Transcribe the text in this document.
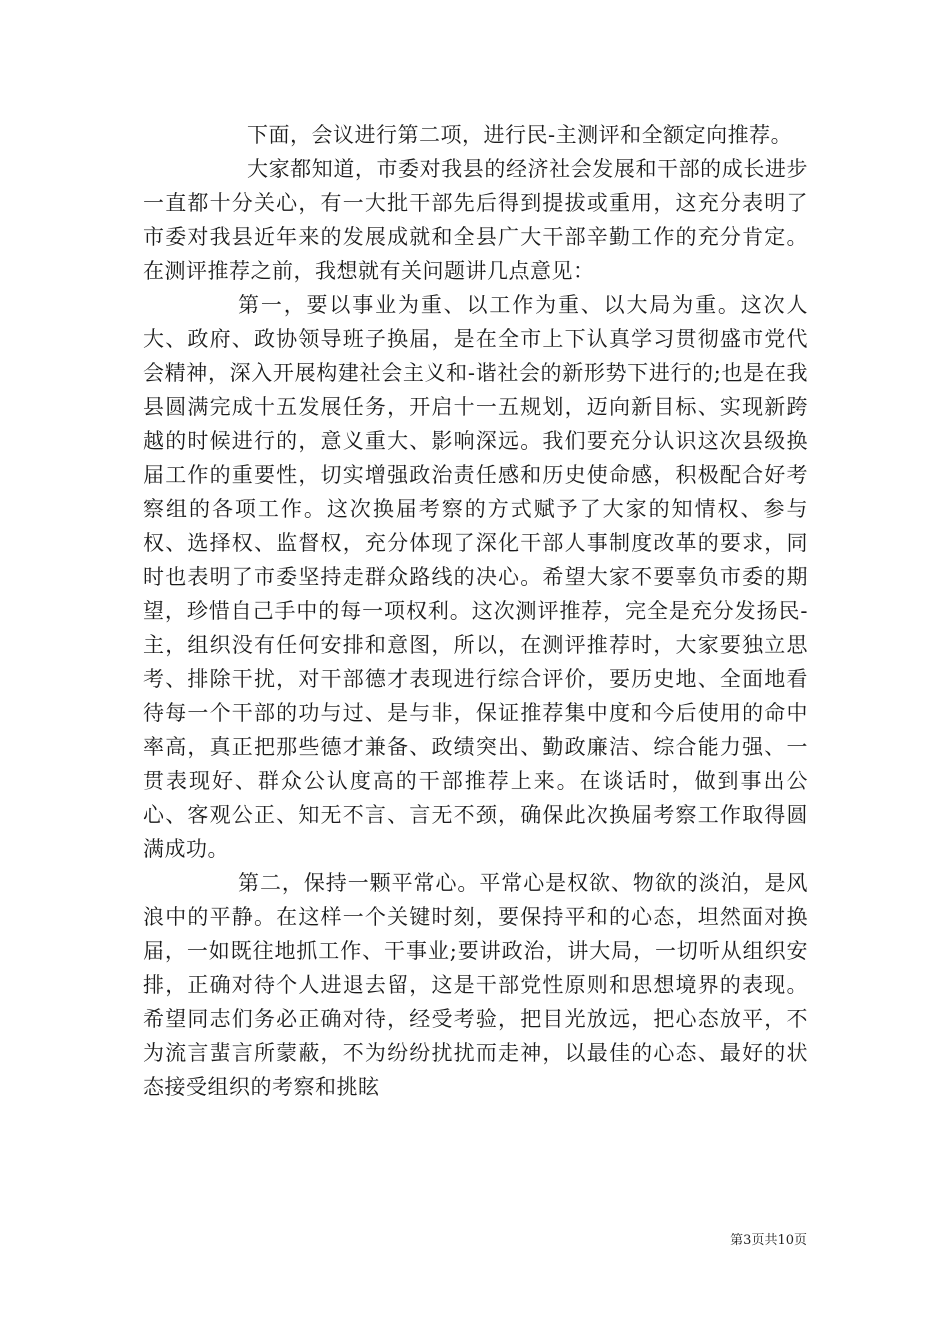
下面，会议进行第二项，进行民-主测评和全额定向推荐。

大家都知道，市委对我县的经济社会发展和干部的成长进步一直都十分关心，有一大批干部先后得到提拔或重用，这充分表明了市委对我县近年来的发展成就和全县广大干部辛勤工作的充分肯定。在测评推荐之前，我想就有关问题讲几点意见：

第一，要以事业为重、以工作为重、以大局为重。这次人大、政府、政协领导班子换届，是在全市上下认真学习贯彻盛市党代会精神，深入开展构建社会主义和-谐社会的新形势下进行的;也是在我县圆满完成十五发展任务，开启十一五规划，迈向新目标、实现新跨越的时候进行的，意义重大、影响深远。我们要充分认识这次县级换届工作的重要性，切实增强政治责任感和历史使命感，积极配合好考察组的各项工作。这次换届考察的方式赋予了大家的知情权、参与权、选择权、监督权，充分体现了深化干部人事制度改革的要求，同时也表明了市委坚持走群众路线的决心。希望大家不要辜负市委的期望，珍惜自己手中的每一项权利。这次测评推荐，完全是充分发扬民-主，组织没有任何安排和意图，所以，在测评推荐时，大家要独立思考、排除干扰，对干部德才表现进行综合评价，要历史地、全面地看待每一个干部的功与过、是与非，保证推荐集中度和今后使用的命中率高，真正把那些德才兼备、政绩突出、勤政廉洁、综合能力强、一贯表现好、群众公认度高的干部推荐上来。在谈话时，做到事出公心、客观公正、知无不言、言无不颈，确保此次换届考察工作取得圆满成功。

第二，保持一颗平常心。平常心是权欲、物欲的淡泊，是风浪中的平静。在这样一个关键时刻，要保持平和的心态，坦然面对换届，一如既往地抓工作、干事业;要讲政治，讲大局，一切听从组织安排，正确对待个人进退去留，这是干部党性原则和思想境界的表现。希望同志们务必正确对待，经受考验，把目光放远，把心态放平，不为流言蜚言所蒙蔽，不为纷纷扰扰而走神，以最佳的心态、最好的状态接受组织的考察和挑眩

第3页共10页
